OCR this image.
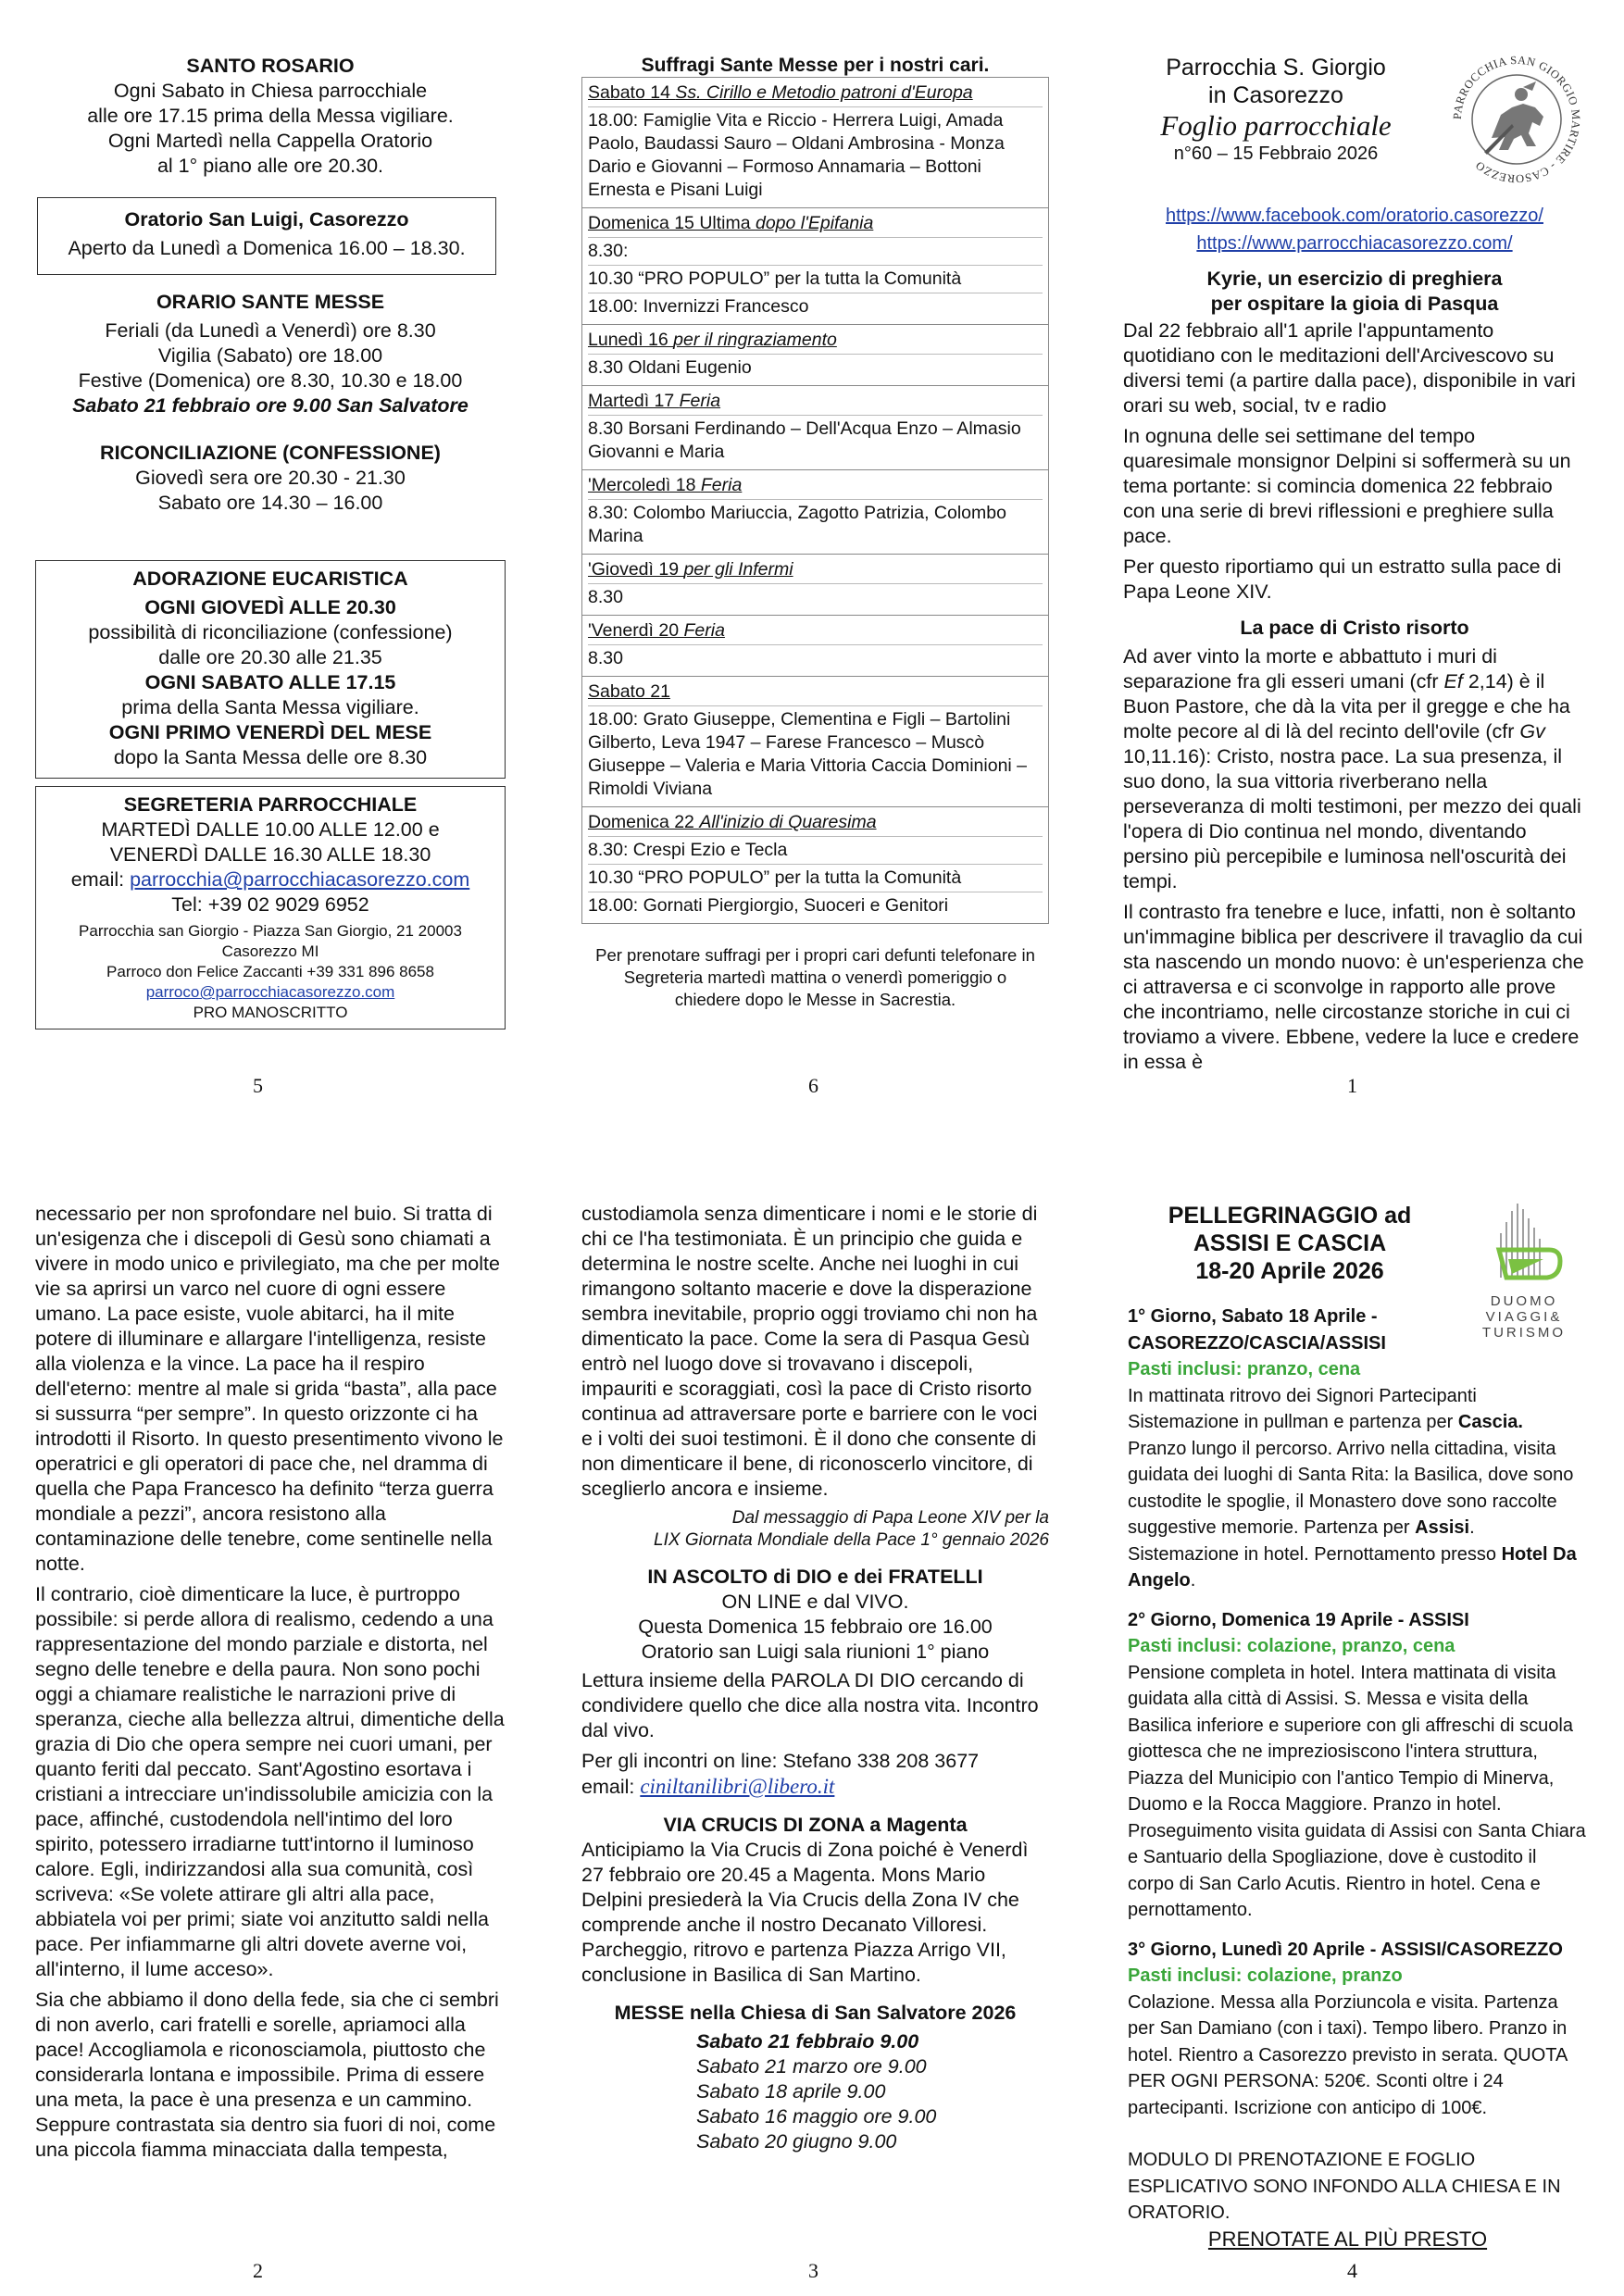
SANTO ROSARIO
Ogni Sabato in Chiesa parrocchiale
alle ore 17.15 prima della Messa vigiliare.
Ogni Martedì nella Cappella Oratorio
al 1° piano alle ore 20.30.
Oratorio San Luigi, Casorezzo
Aperto da Lunedì a Domenica 16.00 – 18.30.
ORARIO SANTE MESSE
Feriali (da Lunedì a Venerdì) ore 8.30
Vigilia (Sabato) ore 18.00
Festive (Domenica) ore 8.30, 10.30 e 18.00
Sabato 21 febbraio ore 9.00 San Salvatore
RICONCILIAZIONE (CONFESSIONE)
Giovedì sera ore 20.30 - 21.30
Sabato ore 14.30 – 16.00
ADORAZIONE EUCARISTICA
OGNI GIOVEDÌ ALLE 20.30
possibilità di riconciliazione (confessione)
dalle ore 20.30 alle 21.35
OGNI SABATO ALLE 17.15
prima della Santa Messa vigiliare.
OGNI PRIMO VENERDÌ DEL MESE
dopo la Santa Messa delle ore 8.30
SEGRETERIA PARROCCHIALE
MARTEDÌ DALLE 10.00 ALLE 12.00 e
VENERDÌ DALLE 16.30 ALLE 18.30
email: parrocchia@parrocchiacasorezzo.com
Tel: +39 02 9029 6952
Parrocchia san Giorgio - Piazza San Giorgio, 21 20003
Casorezzo MI
Parroco don Felice Zaccanti +39 331 896 8658
parroco@parrocchiacasorezzo.com
PRO MANOSCRITTO
5
Suffragi Sante Messe per i nostri cari.
Sabato 14 Ss. Cirillo e Metodio patroni d'Europa
18.00: Famiglie Vita e Riccio - Herrera Luigi, Amada Paolo, Baudassi Sauro – Oldani Ambrosina - Monza Dario e Giovanni – Formoso Annamaria – Bottoni Ernesta e Pisani Luigi
Domenica 15 Ultima dopo l'Epifania
8.30:
10.30 “PRO POPULO” per la tutta la Comunità
18.00: Invernizzi Francesco
Lunedì 16 per il ringraziamento
8.30 Oldani Eugenio
Martedì 17 Feria
8.30 Borsani Ferdinando – Dell'Acqua Enzo – Almasio Giovanni e Maria
'Mercoledì 18 Feria
8.30: Colombo Mariuccia, Zagotto Patrizia, Colombo Marina
'Giovedì 19 per gli Infermi
8.30
'Venerdì 20 Feria
8.30
Sabato 21
18.00: Grato Giuseppe, Clementina e Figli – Bartolini Gilberto, Leva 1947 – Farese Francesco – Muscò Giuseppe – Valeria e Maria Vittoria Caccia Dominioni – Rimoldi Viviana
Domenica 22 All'inizio di Quaresima
8.30: Crespi Ezio e Tecla
10.30 “PRO POPULO” per la tutta la Comunità
18.00: Gornati Piergiorgio, Suoceri e Genitori
Per prenotare suffragi per i propri cari defunti telefonare in Segreteria martedì mattina o venerdì pomeriggio o chiedere dopo le Messe in Sacrestia.
6
Parrocchia S. Giorgio
in Casorezzo
Foglio parrocchiale
n°60 – 15 Febbraio 2026
PARROCCHIA SAN GIORGIO MARTIRE - CASOREZZO
https://www.facebook.com/oratorio.casorezzo/
https://www.parrocchiacasorezzo.com/
Kyrie, un esercizio di preghiera
per ospitare la gioia di Pasqua

Dal 22 febbraio all'1 aprile l'appuntamento quotidiano con le meditazioni dell'Arcivescovo su diversi temi (a partire dalla pace), disponibile in vari orari su web, social, tv e radio

In ognuna delle sei settimane del tempo quaresimale monsignor Delpini si soffermerà su un tema portante: si comincia domenica 22 febbraio con una serie di brevi riflessioni e preghiere sulla pace.

Per questo riportiamo qui un estratto sulla pace di Papa Leone XIV.

La pace di Cristo risorto

Ad aver vinto la morte e abbattuto i muri di separazione fra gli esseri umani (cfr Ef 2,14) è il Buon Pastore, che dà la vita per il gregge e che ha molte pecore al di là del recinto dell'ovile (cfr Gv 10,11.16): Cristo, nostra pace. La sua presenza, il suo dono, la sua vittoria riverberano nella perseveranza di molti testimoni, per mezzo dei quali l'opera di Dio continua nel mondo, diventando persino più percepibile e luminosa nell'oscurità dei tempi.

Il contrasto fra tenebre e luce, infatti, non è soltanto un'immagine biblica per descrivere il travaglio da cui sta nascendo un mondo nuovo: è un'esperienza che ci attraversa e ci sconvolge in rapporto alle prove che incontriamo, nelle circostanze storiche in cui ci troviamo a vivere. Ebbene, vedere la luce e credere in essa è

1

necessario per non sprofondare nel buio. Si tratta di un'esigenza che i discepoli di Gesù sono chiamati a vivere in modo unico e privilegiato, ma che per molte vie sa aprirsi un varco nel cuore di ogni essere umano. La pace esiste, vuole abitarci, ha il mite potere di illuminare e allargare l'intelligenza, resiste alla violenza e la vince. La pace ha il respiro dell'eterno: mentre al male si grida “basta”, alla pace si sussurra “per sempre”. In questo orizzonte ci ha introdotti il Risorto. In questo presentimento vivono le operatrici e gli operatori di pace che, nel dramma di quella che Papa Francesco ha definito “terza guerra mondiale a pezzi”, ancora resistono alla contaminazione delle tenebre, come sentinelle nella notte.

Il contrario, cioè dimenticare la luce, è purtroppo possibile: si perde allora di realismo, cedendo a una rappresentazione del mondo parziale e distorta, nel segno delle tenebre e della paura. Non sono pochi oggi a chiamare realistiche le narrazioni prive di speranza, cieche alla bellezza altrui, dimentiche della grazia di Dio che opera sempre nei cuori umani, per quanto feriti dal peccato. Sant'Agostino esortava i cristiani a intrecciare un'indissolubile amicizia con la pace, affinché, custodendola nell'intimo del loro spirito, potessero irradiarne tutt'intorno il luminoso calore. Egli, indirizzandosi alla sua comunità, così scriveva: «Se volete attirare gli altri alla pace, abbiatela voi per primi; siate voi anzitutto saldi nella pace. Per infiammarne gli altri dovete averne voi, all'interno, il lume acceso».

Sia che abbiamo il dono della fede, sia che ci sembri di non averlo, cari fratelli e sorelle, apriamoci alla pace! Accogliamola e riconosciamola, piuttosto che considerarla lontana e impossibile. Prima di essere una meta, la pace è una presenza e un cammino. Seppure contrastata sia dentro sia fuori di noi, come una piccola fiamma minacciata dalla tempesta,

2

custodiamola senza dimenticare i nomi e le storie di chi ce l'ha testimoniata. È un principio che guida e determina le nostre scelte. Anche nei luoghi in cui rimangono soltanto macerie e dove la disperazione sembra inevitabile, proprio oggi troviamo chi non ha dimenticato la pace. Come la sera di Pasqua Gesù entrò nel luogo dove si trovavano i discepoli, impauriti e scoraggiati, così la pace di Cristo risorto continua ad attraversare porte e barriere con le voci e i volti dei suoi testimoni. È il dono che consente di non dimenticare il bene, di riconoscerlo vincitore, di sceglierlo ancora e insieme.

Dal messaggio di Papa Leone XIV per la
LIX Giornata Mondiale della Pace 1° gennaio 2026
IN ASCOLTO di DIO e dei FRATELLI
ON LINE e dal VIVO.
Questa Domenica 15 febbraio ore 16.00
Oratorio san Luigi sala riunioni 1° piano

Lettura insieme della PAROLA DI DIO cercando di condividere quello che dice alla nostra vita. Incontro dal vivo.

Per gli incontri on line: Stefano 338 208 3677

email: ciniltanilibri@libero.it

VIA CRUCIS DI ZONA a Magenta

Anticipiamo la Via Crucis di Zona poiché è Venerdì 27 febbraio ore 20.45 a Magenta. Mons Mario Delpini presiederà la Via Crucis della Zona IV che comprende anche il nostro Decanato Villoresi. Parcheggio, ritrovo e partenza Piazza Arrigo VII, conclusione in Basilica di San Martino.

MESSE nella Chiesa di San Salvatore 2026
Sabato 21 febbraio 9.00
Sabato 21 marzo ore 9.00
Sabato 18 aprile 9.00
Sabato 16 maggio ore 9.00
Sabato 20 giugno 9.00
3
PELLEGRINAGGIO ad
ASSISI E CASCIA
18-20 Aprile 2026
DUOMO
VIAGGI&
TURISMO
1° Giorno, Sabato 18 Aprile -
CASOREZZO/CASCIA/ASSISI
Pasti inclusi: pranzo, cena
In mattinata ritrovo dei Signori Partecipanti Sistemazione in pullman e partenza per Cascia. Pranzo lungo il percorso. Arrivo nella cittadina, visita guidata dei luoghi di Santa Rita: la Basilica, dove sono custodite le spoglie, il Monastero dove sono raccolte suggestive memorie. Partenza per Assisi. Sistemazione in hotel. Pernottamento presso Hotel Da Angelo.
2° Giorno, Domenica 19 Aprile - ASSISI
Pasti inclusi: colazione, pranzo, cena
Pensione completa in hotel. Intera mattinata di visita guidata alla città di Assisi. S. Messa e visita della Basilica inferiore e superiore con gli affreschi di scuola giottesca che ne impreziosiscono l'intera struttura, Piazza del Municipio con l'antico Tempio di Minerva, Duomo e la Rocca Maggiore. Pranzo in hotel. Proseguimento visita guidata di Assisi con Santa Chiara e Santuario della Spogliazione, dove è custodito il corpo di San Carlo Acutis. Rientro in hotel. Cena e pernottamento.
3° Giorno, Lunedì 20 Aprile - ASSISI/CASOREZZO
Pasti inclusi: colazione, pranzo
Colazione. Messa alla Porziuncola e visita. Partenza per San Damiano (con i taxi). Tempo libero. Pranzo in hotel. Rientro a Casorezzo previsto in serata. QUOTA PER OGNI PERSONA: 520€. Sconti oltre i 24 partecipanti. Iscrizione con anticipo di 100€.
MODULO DI PRENOTAZIONE E FOGLIO ESPLICATIVO SONO INFONDO ALLA CHIESA E IN ORATORIO.
PRENOTATE AL PIÙ PRESTO
4
